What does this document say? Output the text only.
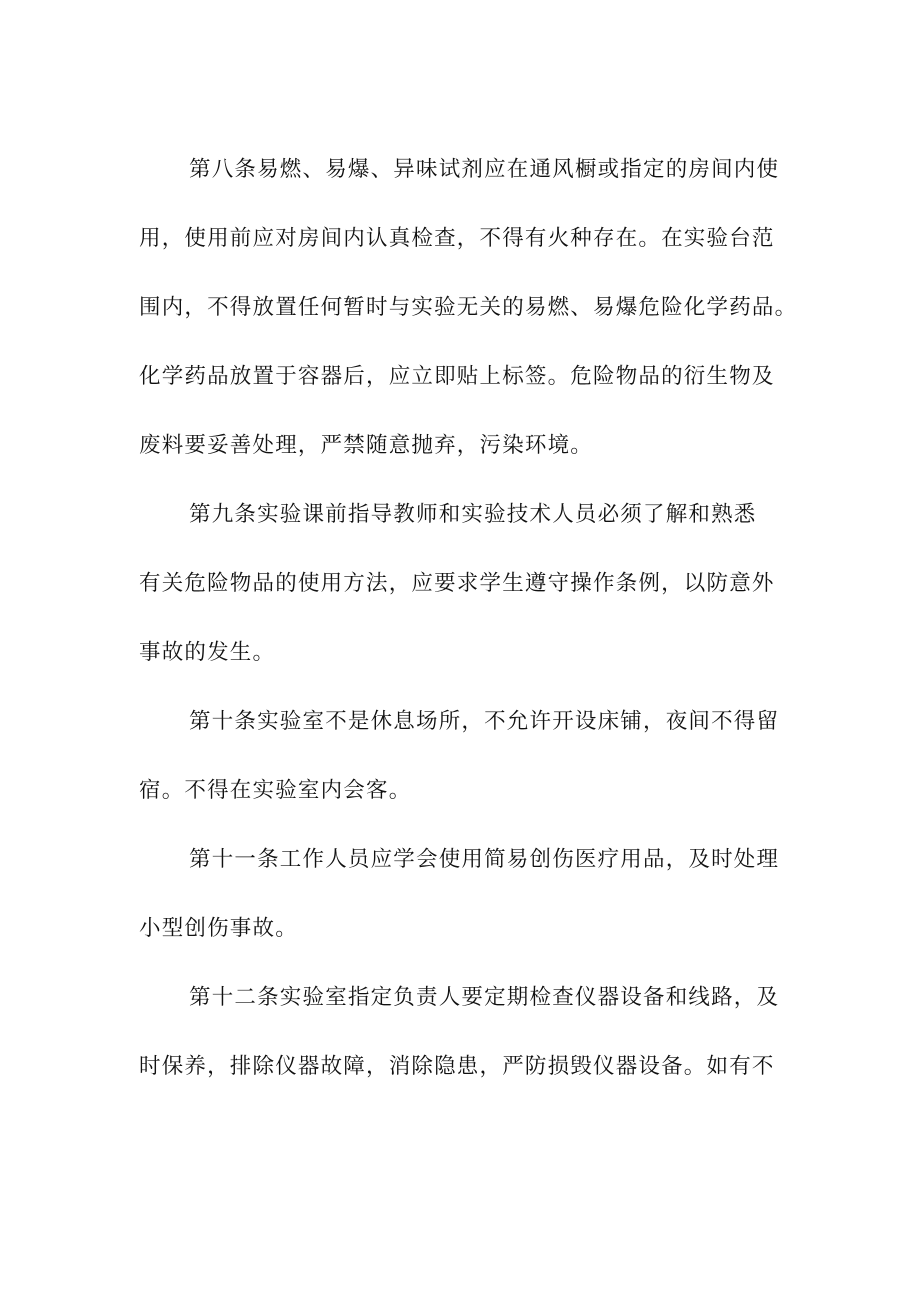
第八条易燃、易爆、异味试剂应在通风橱或指定的房间内使
用，使用前应对房间内认真检查，不得有火种存在。在实验台范
围内，不得放置任何暂时与实验无关的易燃、易爆危险化学药品。
化学药品放置于容器后，应立即贴上标签。危险物品的衍生物及
废料要妥善处理，严禁随意抛弃，污染环境。
第九条实验课前指导教师和实验技术人员必须了解和熟悉
有关危险物品的使用方法，应要求学生遵守操作条例，以防意外
事故的发生。
第十条实验室不是休息场所，不允许开设床铺，夜间不得留
宿。不得在实验室内会客。
第十一条工作人员应学会使用简易创伤医疗用品，及时处理
小型创伤事故。
第十二条实验室指定负责人要定期检查仪器设备和线路，及
时保养，排除仪器故障，消除隐患，严防损毁仪器设备。如有不
